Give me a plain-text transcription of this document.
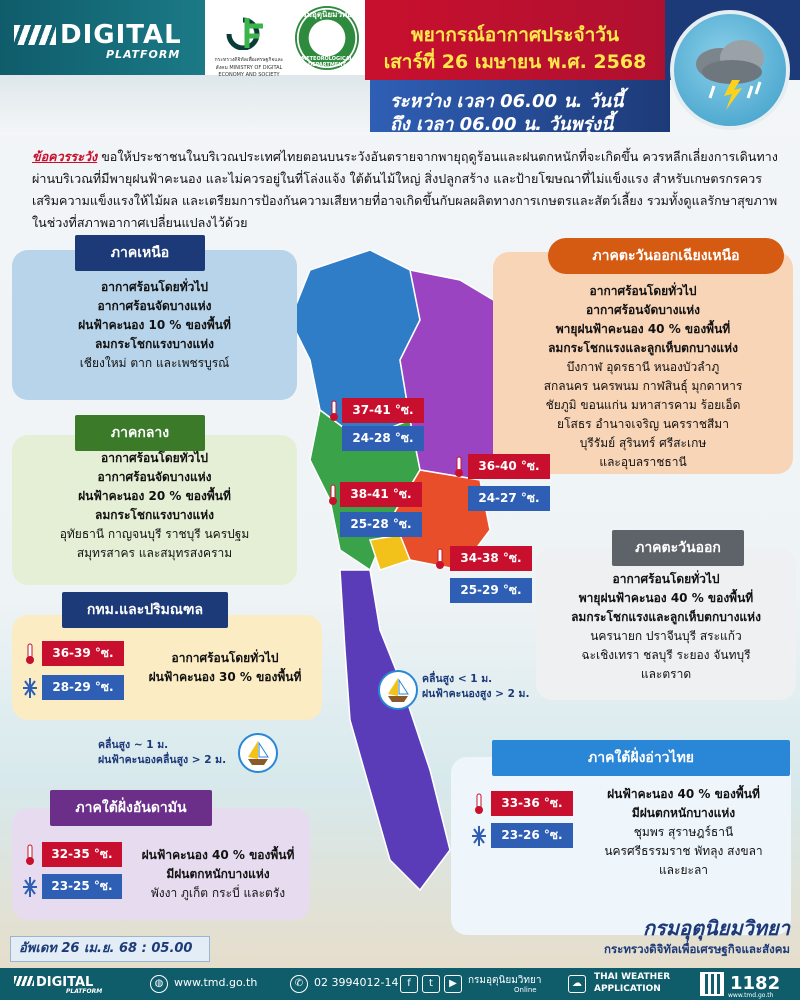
DIGITAL
PLATFORM	กระทรวงดิจิทัลเพื่อเศรษฐกิจและสังคม MINISTRY OF DIGITAL ECONOMY AND SOCIETY
กรมอุตุนิยมวิทยา
METEOROLOGICAL DEPARTMENT
พยากรณ์อากาศประจำวัน
เสาร์ที่ 26 เมษายน พ.ศ. 2568
ระหว่าง เวลา 06.00 น. วันนี้
ถึง เวลา 06.00 น. วันพรุ่งนี้
ข้อควรระวัง ขอให้ประชาชนในบริเวณประเทศไทยตอนบนระวังอันตรายจากพายุฤดูร้อนและฝนตกหนักที่จะเกิดขึ้น ควรหลีกเลี่ยงการเดินทางผ่านบริเวณที่มีพายุฝนฟ้าคะนอง และไม่ควรอยู่ในที่โล่งแจ้ง ใต้ต้นไม้ใหญ่ สิ่งปลูกสร้าง และป้ายโฆษณาที่ไม่แข็งแรง สำหรับเกษตรกรควรเสริมความแข็งแรงให้ไม้ผล และเตรียมการป้องกันความเสียหายที่อาจเกิดขึ้นกับผลผลิตทางการเกษตรและสัตว์เลี้ยง รวมทั้งดูแลรักษาสุขภาพในช่วงที่สภาพอากาศเปลี่ยนแปลงไว้ด้วย
อากาศร้อนโดยทั่วไป
อากาศร้อนจัดบางแห่ง
ฝนฟ้าคะนอง 10 % ของพื้นที่
ลมกระโชกแรงบางแห่ง
เชียงใหม่ ตาก และเพชรบูรณ์
ภาคเหนือ
37-41 °ซ.
24-28 °ซ.
อากาศร้อนโดยทั่วไป
อากาศร้อนจัดบางแห่ง
ฝนฟ้าคะนอง 20 % ของพื้นที่
ลมกระโชกแรงบางแห่ง
อุทัยธานี กาญจนบุรี ราชบุรี นครปฐม
สมุทรสาคร และสมุทรสงคราม
ภาคกลาง
38-41 °ซ.
25-28 °ซ.
36-39 °ซ.
28-29 °ซ.
อากาศร้อนโดยทั่วไป
ฝนฟ้าคะนอง 30 % ของพื้นที่
กทม.และปริมณฑล
32-35 °ซ.
23-25 °ซ.
ฝนฟ้าคะนอง 40 % ของพื้นที่
มีฝนตกหนักบางแห่ง
พังงา ภูเก็ต กระบี่ และตรัง
ภาคใต้ฝั่งอันดามัน
อากาศร้อนโดยทั่วไป
อากาศร้อนจัดบางแห่ง
พายุฝนฟ้าคะนอง 40 % ของพื้นที่
ลมกระโชกแรงและลูกเห็บตกบางแห่ง
บึงกาฬ อุดรธานี หนองบัวลำภู
สกลนคร นครพนม กาฬสินธุ์ มุกดาหาร
ชัยภูมิ ขอนแก่น มหาสารคาม ร้อยเอ็ด
ยโสธร อำนาจเจริญ นครราชสีมา
บุรีรัมย์ สุรินทร์ ศรีสะเกษ
และอุบลราชธานี
ภาคตะวันออกเฉียงเหนือ
36-40 °ซ.
24-27 °ซ.
อากาศร้อนโดยทั่วไป
พายุฝนฟ้าคะนอง 40 % ของพื้นที่
ลมกระโชกแรงและลูกเห็บตกบางแห่ง
นครนายก ปราจีนบุรี สระแก้ว
ฉะเชิงเทรา ชลบุรี ระยอง จันทบุรี
และตราด
ภาคตะวันออก
34-38 °ซ.
25-29 °ซ.
33-36 °ซ.
23-26 °ซ.
ฝนฟ้าคะนอง 40 % ของพื้นที่
มีฝนตกหนักบางแห่ง
ชุมพร สุราษฎร์ธานี
นครศรีธรรมราช พัทลุง สงขลา
และยะลา
ภาคใต้ฝั่งอ่าวไทย
คลื่นสูง < 1 ม.
ฝนฟ้าคะนองสูง > 2 ม.
คลื่นสูง ~ 1 ม.
ฝนฟ้าคะนองคลื่นสูง > 2 ม.
อัพเดท 26 เม.ย. 68 : 05.00
กรมอุตุนิยมวิทยา
กระทรวงดิจิทัลเพื่อเศรษฐกิจและสังคม
DIGITAL
PLATFORM
◍ www.tmd.go.th	✆ 02 3994012-14 f	t	▶	กรมอุตุนิยมวิทยา
Online
☁
THAI WEATHER
APPLICATION	1182
www.tmd.go.th
